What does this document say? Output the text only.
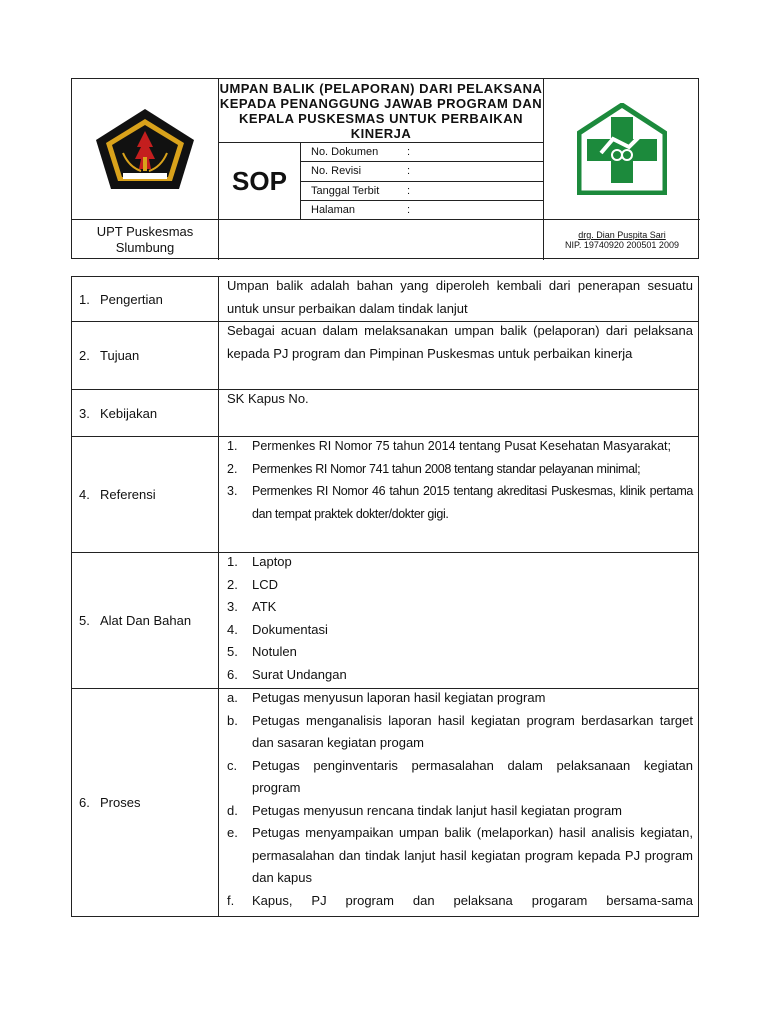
UMPAN BALIK (PELAPORAN) DARI PELAKSANA KEPADA PENANGGUNG JAWAB PROGRAM DAN KEPALA PUSKESMAS UNTUK PERBAIKAN KINERJA
SOP
No. Dokumen	:
No. Revisi	:
Tanggal Terbit	:
Halaman	:
UPT Puskesmas Slumbung
drg. Dian Puspita Sari
NIP. 19740920 200501 2009
1. Pengertian
Umpan balik adalah bahan yang diperoleh kembali dari penerapan sesuatu untuk unsur perbaikan dalam tindak lanjut
2. Tujuan
Sebagai acuan dalam melaksanakan umpan balik (pelaporan) dari pelaksana kepada PJ program dan Pimpinan Puskesmas untuk perbaikan kinerja
3. Kebijakan
SK Kapus No.
4. Referensi
1.	Permenkes RI Nomor 75 tahun 2014 tentang Pusat Kesehatan Masyarakat;
2.	Permenkes RI Nomor 741 tahun 2008 tentang standar pelayanan minimal;
3.	Permenkes RI Nomor 46 tahun 2015 tentang akreditasi Puskesmas, klinik pertama dan tempat praktek dokter/dokter gigi.
5. Alat Dan Bahan
1.	Laptop
2.	LCD
3.	ATK
4.	Dokumentasi
5.	Notulen
6.	Surat Undangan
6. Proses
a.	Petugas menyusun laporan hasil kegiatan program
b.	Petugas menganalisis laporan hasil kegiatan program berdasarkan target dan sasaran kegiatan progam
c.	Petugas penginventaris permasalahan dalam pelaksanaan kegiatan program
d.	Petugas menyusun rencana tindak lanjut hasil kegiatan program
e.	Petugas menyampaikan umpan balik (melaporkan) hasil analisis kegiatan, permasalahan dan tindak lanjut hasil kegiatan program kepada PJ program dan kapus
f.	Kapus, PJ program dan pelaksana progaram bersama-sama
